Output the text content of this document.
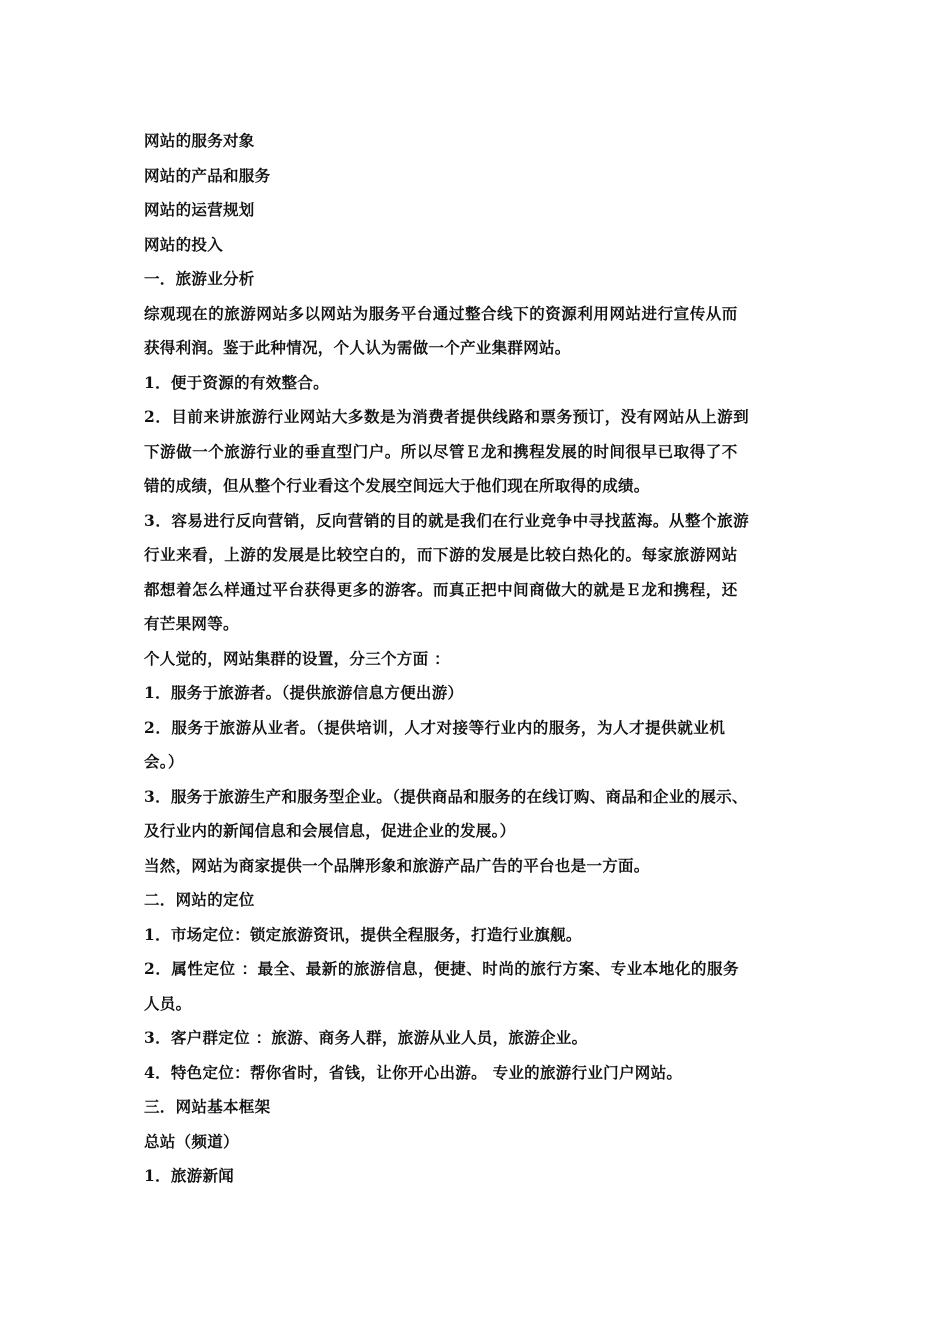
网站的服务对象

网站的产品和服务

网站的运营规划

网站的投入

一．旅游业分析

综观现在的旅游网站多以网站为服务平台通过整合线下的资源利用网站进行宣传从而

获得利润。鉴于此种情况，个人认为需做一个产业集群网站。

1．便于资源的有效整合。

2．目前来讲旅游行业网站大多数是为消费者提供线路和票务预订，没有网站从上游到

下游做一个旅游行业的垂直型门户。所以尽管Ｅ龙和携程发展的时间很早已取得了不

错的成绩，但从整个行业看这个发展空间远大于他们现在所取得的成绩。

3．容易进行反向营销，反向营销的目的就是我们在行业竞争中寻找蓝海。从整个旅游

行业来看，上游的发展是比较空白的，而下游的发展是比较白热化的。每家旅游网站

都想着怎么样通过平台获得更多的游客。而真正把中间商做大的就是Ｅ龙和携程，还

有芒果网等。

个人觉的，网站集群的设置，分三个方面 ：

1．服务于旅游者。（提供旅游信息方便出游）

2．服务于旅游从业者。（提供培训，人才对接等行业内的服务，为人才提供就业机

会。）

3．服务于旅游生产和服务型企业。（提供商品和服务的在线订购、商品和企业的展示、

及行业内的新闻信息和会展信息，促进企业的发展。）

当然，网站为商家提供一个品牌形象和旅游产品广告的平台也是一方面。

二．网站的定位

1．市场定位：锁定旅游资讯，提供全程服务，打造行业旗舰。

2．属性定位 ：最全、最新的旅游信息，便捷、时尚的旅行方案、专业本地化的服务

人员。

3．客户群定位 ：旅游、商务人群，旅游从业人员，旅游企业。

4．特色定位：帮你省时，省钱，让你开心出游。 专业的旅游行业门户网站。

三．网站基本框架

总站（频道）

1．旅游新闻
